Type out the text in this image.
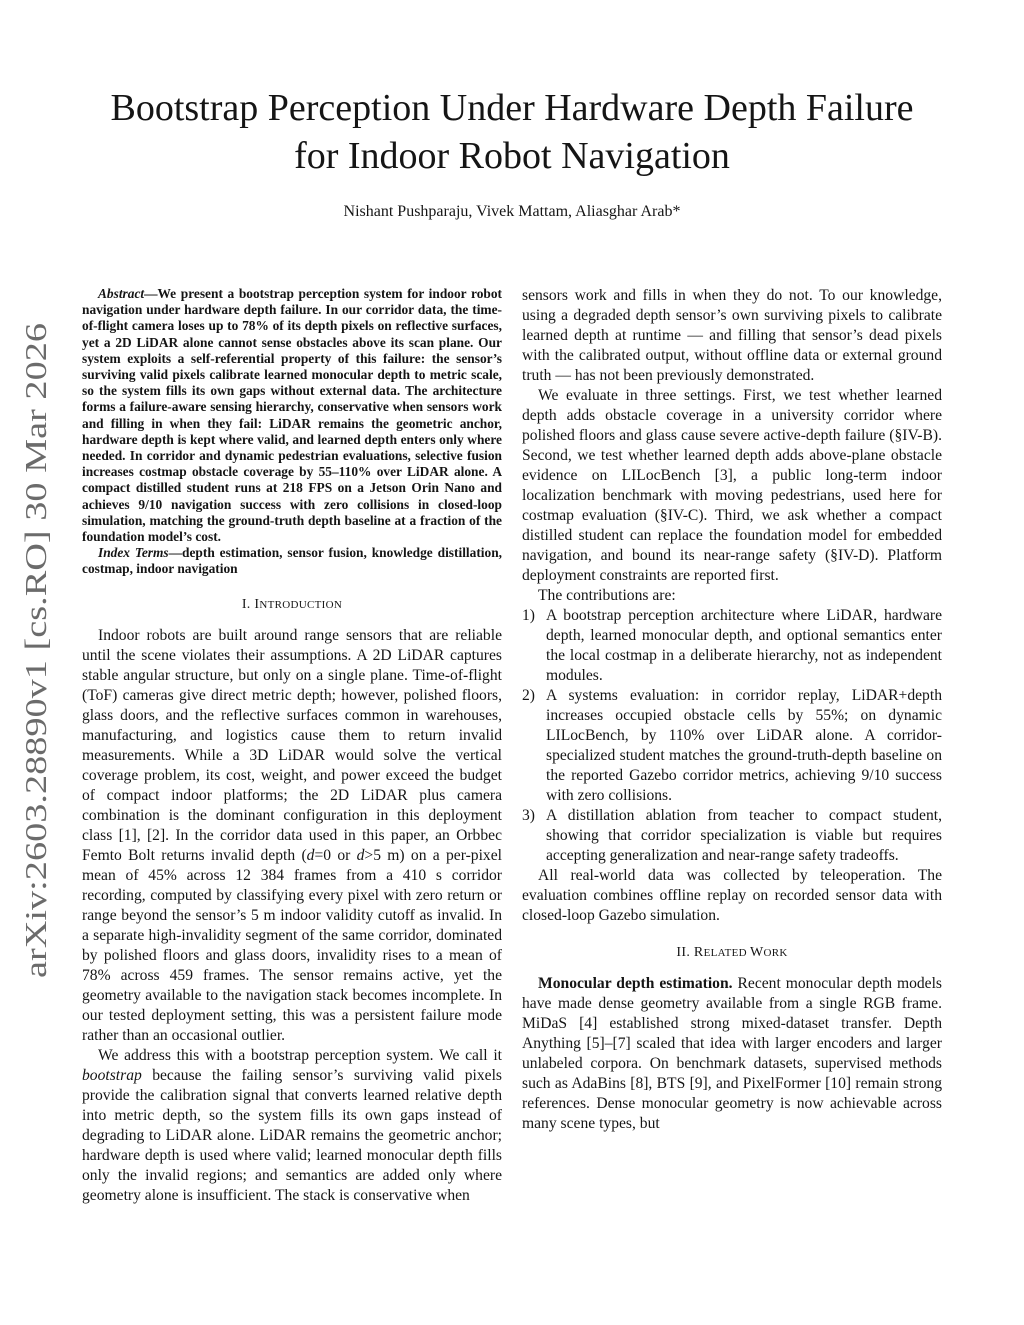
arXiv:2603.28890v1 [cs.RO] 30 Mar 2026
Bootstrap Perception Under Hardware Depth Failure
for Indoor Robot Navigation
Nishant Pushparaju, Vivek Mattam, Aliasghar Arab*

Abstract—We present a bootstrap perception system for indoor robot navigation under hardware depth failure. In our corridor data, the time-of-flight camera loses up to 78% of its depth pixels on reflective surfaces, yet a 2D LiDAR alone cannot sense obstacles above its scan plane. Our system exploits a self-referential property of this failure: the sensor’s surviving valid pixels calibrate learned monocular depth to metric scale, so the system fills its own gaps without external data. The architecture forms a failure-aware sensing hierarchy, conservative when sensors work and filling in when they fail: LiDAR remains the geometric anchor, hardware depth is kept where valid, and learned depth enters only where needed. In corridor and dynamic pedestrian evaluations, selective fusion increases costmap obstacle coverage by 55–110% over LiDAR alone. A compact distilled student runs at 218 FPS on a Jetson Orin Nano and achieves 9/10 navigation success with zero collisions in closed-loop simulation, matching the ground-truth depth baseline at a fraction of the foundation model’s cost.

Index Terms—depth estimation, sensor fusion, knowledge distillation, costmap, indoor navigation

I. INTRODUCTION

Indoor robots are built around range sensors that are reliable until the scene violates their assumptions. A 2D LiDAR captures stable angular structure, but only on a single plane. Time-of-flight (ToF) cameras give direct metric depth; however, polished floors, glass doors, and the reflective surfaces common in warehouses, manufacturing, and logistics cause them to return invalid measurements. While a 3D LiDAR would solve the vertical coverage problem, its cost, weight, and power exceed the budget of compact indoor platforms; the 2D LiDAR plus camera combination is the dominant configuration in this deployment class [1], [2]. In the corridor data used in this paper, an Orbbec Femto Bolt returns invalid depth (d=0 or d>5 m) on a per-pixel mean of 45% across 12 384 frames from a 410 s corridor recording, computed by classifying every pixel with zero return or range beyond the sensor’s 5 m indoor validity cutoff as invalid. In a separate high-invalidity segment of the same corridor, dominated by polished floors and glass doors, invalidity rises to a mean of 78% across 459 frames. The sensor remains active, yet the geometry available to the navigation stack becomes incomplete. In our tested deployment setting, this was a persistent failure mode rather than an occasional outlier.

We address this with a bootstrap perception system. We call it bootstrap because the failing sensor’s surviving valid pixels provide the calibration signal that converts learned relative depth into metric depth, so the system fills its own gaps instead of degrading to LiDAR alone. LiDAR remains the geometric anchor; hardware depth is used where valid; learned monocular depth fills only the invalid regions; and semantics are added only where geometry alone is insufficient. The stack is conservative when

sensors work and fills in when they do not. To our knowledge, using a degraded depth sensor’s own surviving pixels to calibrate learned depth at runtime — and filling that sensor’s dead pixels with the calibrated output, without offline data or external ground truth — has not been previously demonstrated.

We evaluate in three settings. First, we test whether learned depth adds obstacle coverage in a university corridor where polished floors and glass cause severe active-depth failure (§IV-B). Second, we test whether learned depth adds above-plane obstacle evidence on LILocBench [3], a public long-term indoor localization benchmark with moving pedestrians, used here for costmap evaluation (§IV-C). Third, we ask whether a compact distilled student can replace the foundation model for embedded navigation, and bound its near-range safety (§IV-D). Platform deployment constraints are reported first.

The contributions are:

1) A bootstrap perception architecture where LiDAR, hardware depth, learned monocular depth, and optional semantics enter the local costmap in a deliberate hierarchy, not as independent modules.
2) A systems evaluation: in corridor replay, LiDAR+depth increases occupied obstacle cells by 55%; on dynamic LILocBench, by 110% over LiDAR alone. A corridor-specialized student matches the ground-truth-depth baseline on the reported Gazebo corridor metrics, achieving 9/10 success with zero collisions.
3) A distillation ablation from teacher to compact student, showing that corridor specialization is viable but requires accepting generalization and near-range safety tradeoffs.

All real-world data was collected by teleoperation. The evaluation combines offline replay on recorded sensor data with closed-loop Gazebo simulation.

II. RELATED WORK

Monocular depth estimation. Recent monocular depth models have made dense geometry available from a single RGB frame. MiDaS [4] established strong mixed-dataset transfer. Depth Anything [5]–[7] scaled that idea with larger encoders and larger unlabeled corpora. On benchmark datasets, supervised methods such as AdaBins [8], BTS [9], and PixelFormer [10] remain strong references. Dense monocular geometry is now achievable across many scene types, but
